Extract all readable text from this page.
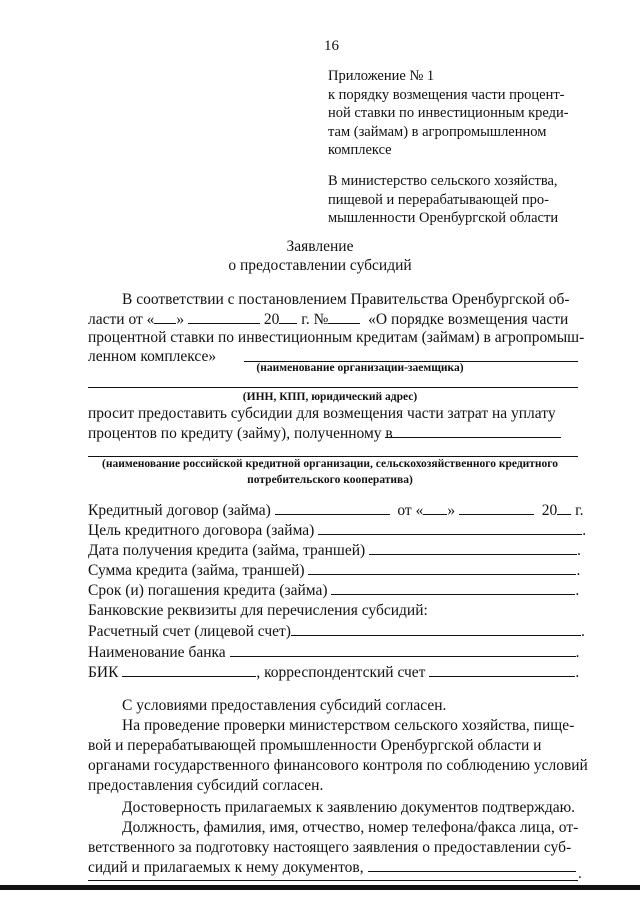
16
Приложение № 1
к порядку возмещения части процент-
ной ставки по инвестиционным креди-
там (займам) в агропромышленном
комплексе
В министерство сельского хозяйства,
пищевой и перерабатывающей про-
мышленности Оренбургской области
Заявление
о предоставлении субсидий
В соответствии с постановлением Правительства Оренбургской об-
ласти от « »	20 г. №	«О порядке возмещения части
процентной ставки по инвестиционным кредитам (займам) в агропромыш-
ленном комплексе»
(наименование организации-заемщика)
(ИНН, КПП, юридический адрес)
просит предоставить субсидии для возмещения части затрат на уплату
процентов по кредиту (займу), полученному в
(наименование российской кредитной организации, сельскохозяйственного кредитного
потребительского кооператива)
Кредитный договор (займа)	от « »	20 г.
Цель кредитного договора (займа)	.
Дата получения кредита (займа, траншей)	.
Сумма кредита (займа, траншей)	.
Срок (и) погашения кредита (займа)	.
Банковские реквизиты для перечисления субсидий:
Расчетный счет (лицевой счет)	.
Наименование банка	.
БИК	, корреспондентский счет	.
С условиями предоставления субсидий согласен.
На проведение проверки министерством сельского хозяйства, пище-
вой и перерабатывающей промышленности Оренбургской области и
органами государственного финансового контроля по соблюдению условий
предоставления субсидий согласен.
Достоверность прилагаемых к заявлению документов подтверждаю.
Должность, фамилия, имя, отчество, номер телефона/факса лица, от-
ветственного за подготовку настоящего заявления о предоставлении суб-
сидий и прилагаемых к нему документов,	.
